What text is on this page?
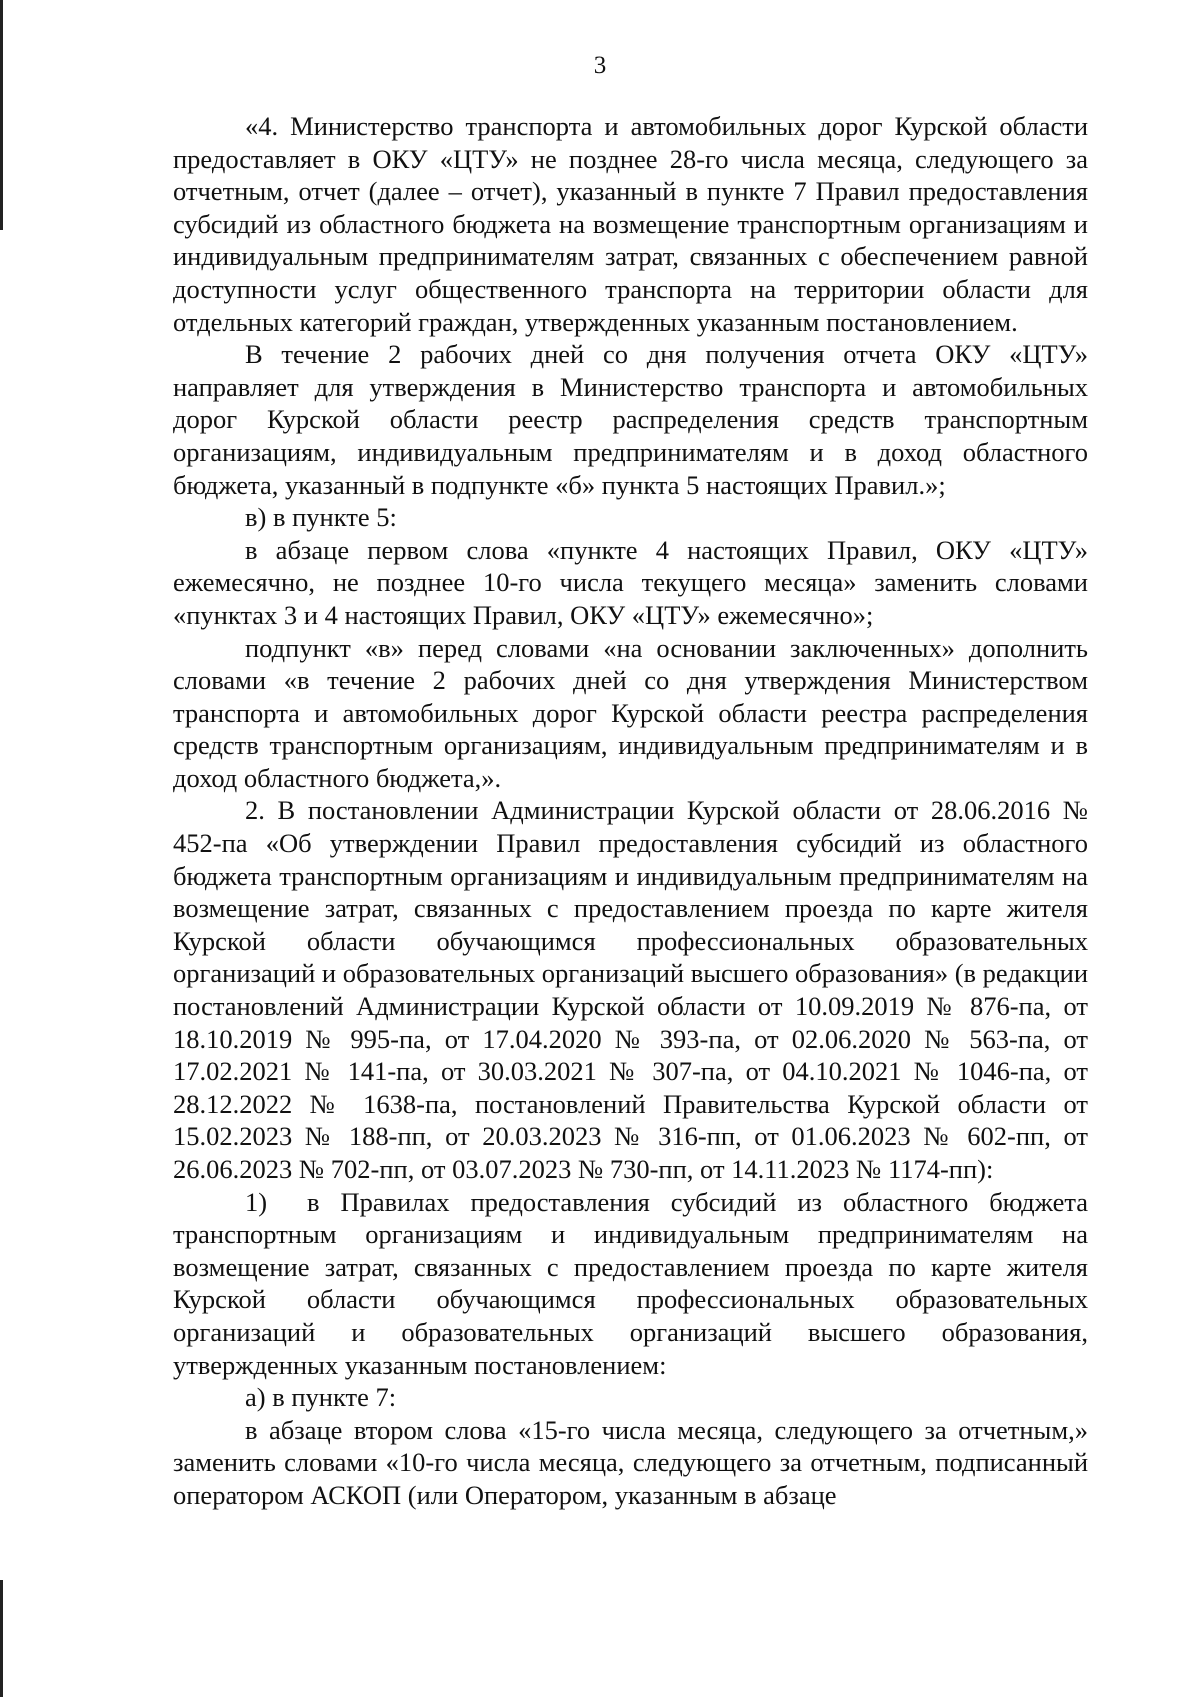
3

«4. Министерство транспорта и автомобильных дорог Курской области предоставляет в ОКУ «ЦТУ» не позднее 28-го числа месяца, следующего за отчетным, отчет (далее – отчет), указанный в пункте 7 Правил предоставления субсидий из областного бюджета на возмещение транспортным организациям и индивидуальным предпринимателям затрат, связанных с обеспечением равной доступности услуг общественного транспорта на территории области для отдельных категорий граждан, утвержденных указанным постановлением.

В течение 2 рабочих дней со дня получения отчета ОКУ «ЦТУ» направляет для утверждения в Министерство транспорта и автомобильных дорог Курской области реестр распределения средств транспортным организациям, индивидуальным предпринимателям и в доход областного бюджета, указанный в подпункте «б» пункта 5 настоящих Правил.»;

в) в пункте 5:

в абзаце первом слова «пункте 4 настоящих Правил, ОКУ «ЦТУ» ежемесячно, не позднее 10-го числа текущего месяца» заменить словами «пунктах 3 и 4 настоящих Правил, ОКУ «ЦТУ» ежемесячно»;

подпункт «в» перед словами «на основании заключенных» дополнить словами «в течение 2 рабочих дней со дня утверждения Министерством транспорта и автомобильных дорог Курской области реестра распределения средств транспортным организациям, индивидуальным предпринимателям и в доход областного бюджета,».

2. В постановлении Администрации Курской области от 28.06.2016 № 452-па «Об утверждении Правил предоставления субсидий из областного бюджета транспортным организациям и индивидуальным предпринимателям на возмещение затрат, связанных с предоставлением проезда по карте жителя Курской области обучающимся профессиональных образовательных организаций и образовательных организаций высшего образования» (в редакции постановлений Администрации Курской области от 10.09.2019 № 876-па, от 18.10.2019 № 995-па, от 17.04.2020 № 393-па, от 02.06.2020 № 563-па, от 17.02.2021 № 141-па, от 30.03.2021 № 307-па, от 04.10.2021 № 1046-па, от 28.12.2022 № 1638-па, постановлений Правительства Курской области от 15.02.2023 № 188-пп, от 20.03.2023 № 316-пп, от 01.06.2023 № 602-пп, от 26.06.2023 № 702-пп, от 03.07.2023 № 730-пп, от 14.11.2023 № 1174-пп):

1) в Правилах предоставления субсидий из областного бюджета транспортным организациям и индивидуальным предпринимателям на возмещение затрат, связанных с предоставлением проезда по карте жителя Курской области обучающимся профессиональных образовательных организаций и образовательных организаций высшего образования, утвержденных указанным постановлением:

а) в пункте 7:

в абзаце втором слова «15-го числа месяца, следующего за отчетным,» заменить словами «10-го числа месяца, следующего за отчетным, подписанный оператором АСКОП (или Оператором, указанным в абзаце
